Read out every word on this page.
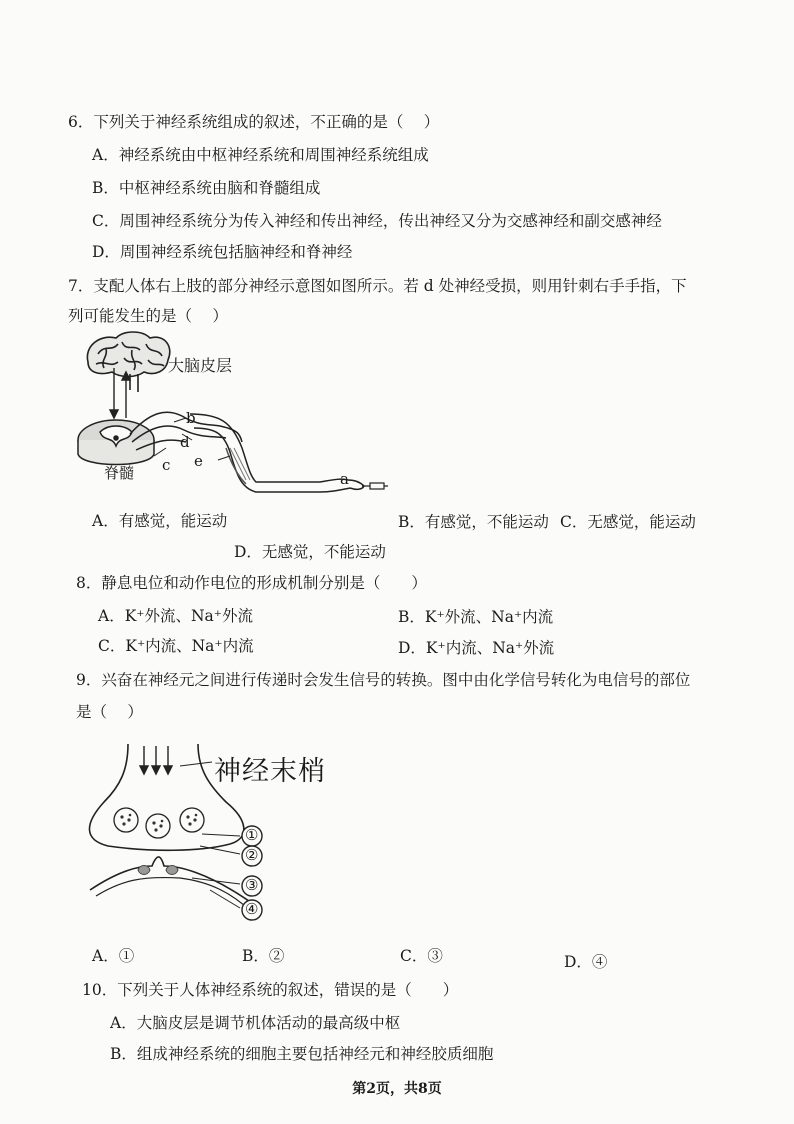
6．下列关于神经系统组成的叙述，不正确的是（　 ）
A．神经系统由中枢神经系统和周围神经系统组成
B．中枢神经系统由脑和脊髓组成
C．周围神经系统分为传入神经和传出神经，传出神经又分为交感神经和副交感神经
D．周围神经系统包括脑神经和脊神经
7．支配人体右上肢的部分神经示意图如图所示。若 d 处神经受损，则用针刺右手手指，下
列可能发生的是（　 ）
大脑皮层
b
d
e
c
脊髓	a
A．有感觉，能运动	B．有感觉，不能运动 C．无感觉，能运动
D．无感觉，不能运动
8．静息电位和动作电位的形成机制分别是（　　）
A．K⁺外流、Na⁺外流	B．K⁺外流、Na⁺内流
C．K⁺内流、Na⁺内流	D．K⁺内流、Na⁺外流
9．兴奋在神经元之间进行传递时会发生信号的转换。图中由化学信号转化为电信号的部位
是（　 ）
神经末梢
①
②
③
④
A．①	B．②	C．③	D．④
10．下列关于人体神经系统的叙述，错误的是（　　）
A．大脑皮层是调节机体活动的最高级中枢
B．组成神经系统的细胞主要包括神经元和神经胶质细胞
第2页，共8页
